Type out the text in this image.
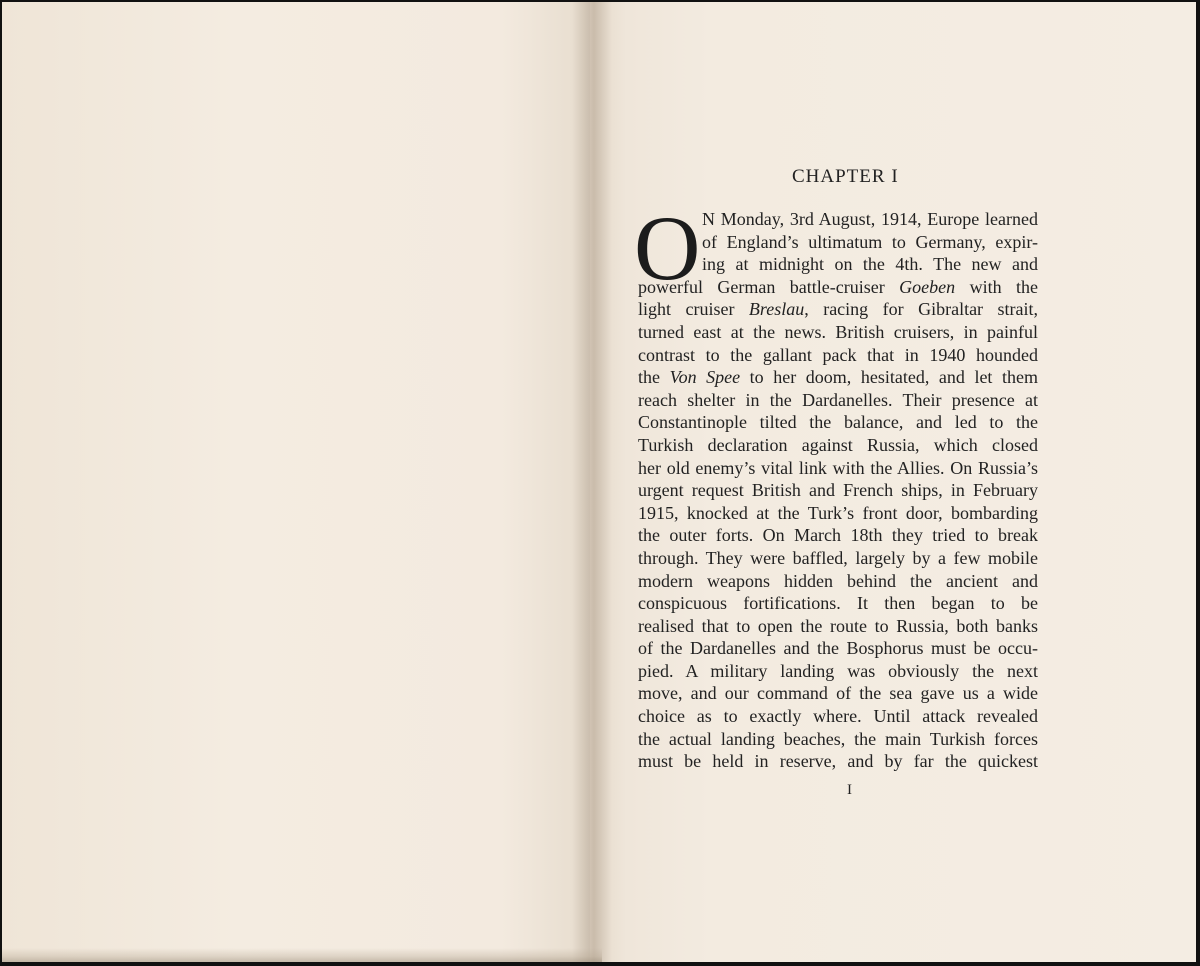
CHAPTER I
O N Monday, 3rd August, 1914, Europe learned
of England’s ultimatum to Germany, expir-
ing at midnight on the 4th. The new and
powerful German battle-cruiser Goeben with the
light cruiser Breslau, racing for Gibraltar strait,
turned east at the news. British cruisers, in painful
contrast to the gallant pack that in 1940 hounded
the Von Spee to her doom, hesitated, and let them
reach shelter in the Dardanelles. Their presence at
Constantinople tilted the balance, and led to the
Turkish declaration against Russia, which closed
her old enemy’s vital link with the Allies. On Russia’s
urgent request British and French ships, in February
1915, knocked at the Turk’s front door, bombarding
the outer forts. On March 18th they tried to break
through. They were baffled, largely by a few mobile
modern weapons hidden behind the ancient and
conspicuous fortifications. It then began to be
realised that to open the route to Russia, both banks
of the Dardanelles and the Bosphorus must be occu-
pied. A military landing was obviously the next
move, and our command of the sea gave us a wide
choice as to exactly where. Until attack revealed
the actual landing beaches, the main Turkish forces
must be held in reserve, and by far the quickest
I
